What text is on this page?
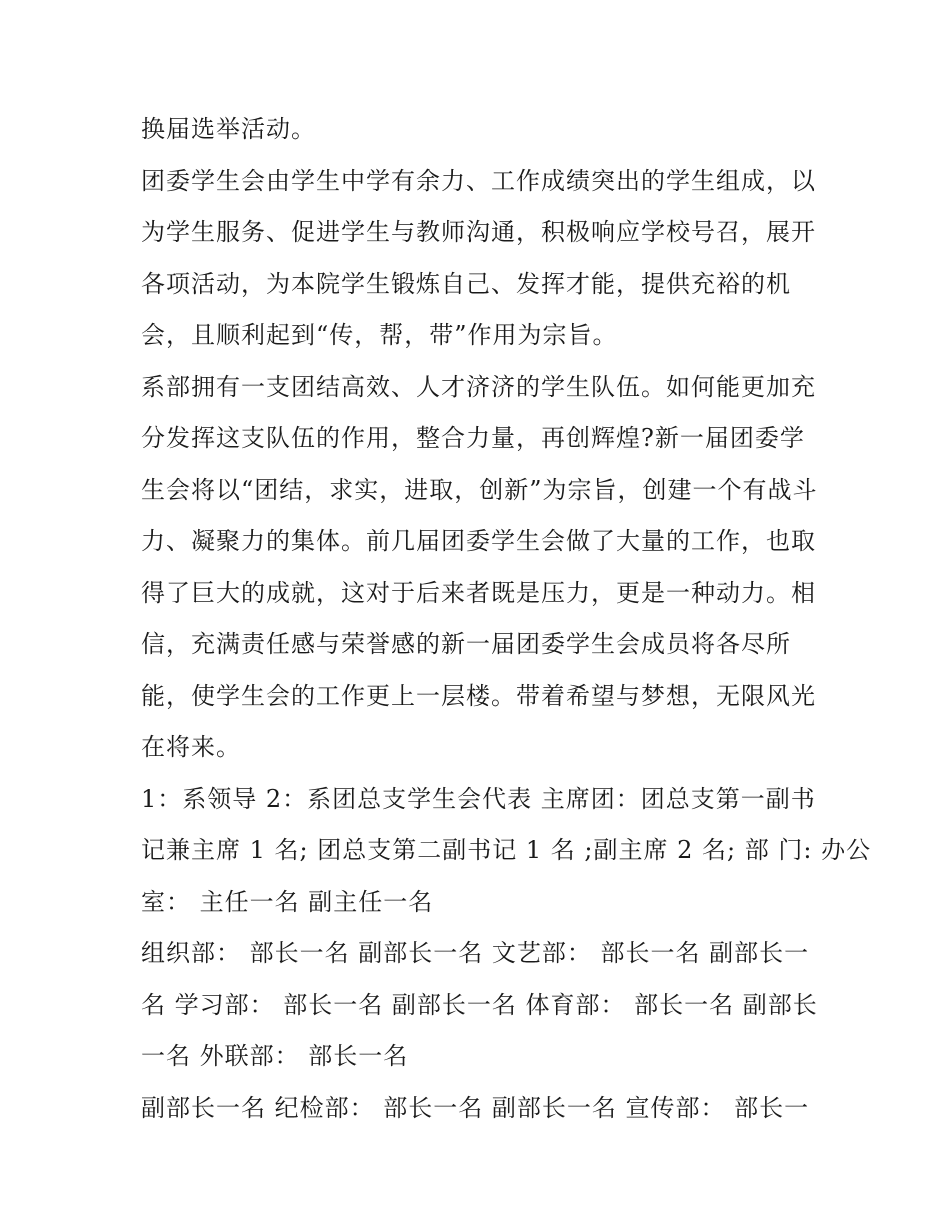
换届选举活动。

团委学生会由学生中学有余力、工作成绩突出的学生组成，以
为学生服务、促进学生与教师沟通，积极响应学校号召，展开
各项活动，为本院学生锻炼自己、发挥才能，提供充裕的机
会，且顺利起到“传，帮，带”作用为宗旨。

系部拥有一支团结高效、人才济济的学生队伍。如何能更加充
分发挥这支队伍的作用，整合力量，再创辉煌?新一届团委学
生会将以“团结，求实，进取，创新”为宗旨，创建一个有战斗
力、凝聚力的集体。前几届团委学生会做了大量的工作，也取
得了巨大的成就，这对于后来者既是压力，更是一种动力。相
信，充满责任感与荣誉感的新一届团委学生会成员将各尽所
能，使学生会的工作更上一层楼。带着希望与梦想，无限风光
在将来。

1：系领导 2：系团总支学生会代表 主席团：团总支第一副书
记兼主席 1 名; 团总支第二副书记 1 名 ;副主席 2 名; 部 门: 办公
室： 主任一名 副主任一名

组织部： 部长一名 副部长一名 文艺部： 部长一名 副部长一
名 学习部： 部长一名 副部长一名 体育部： 部长一名 副部长
一名 外联部： 部长一名

副部长一名 纪检部： 部长一名 副部长一名 宣传部： 部长一
